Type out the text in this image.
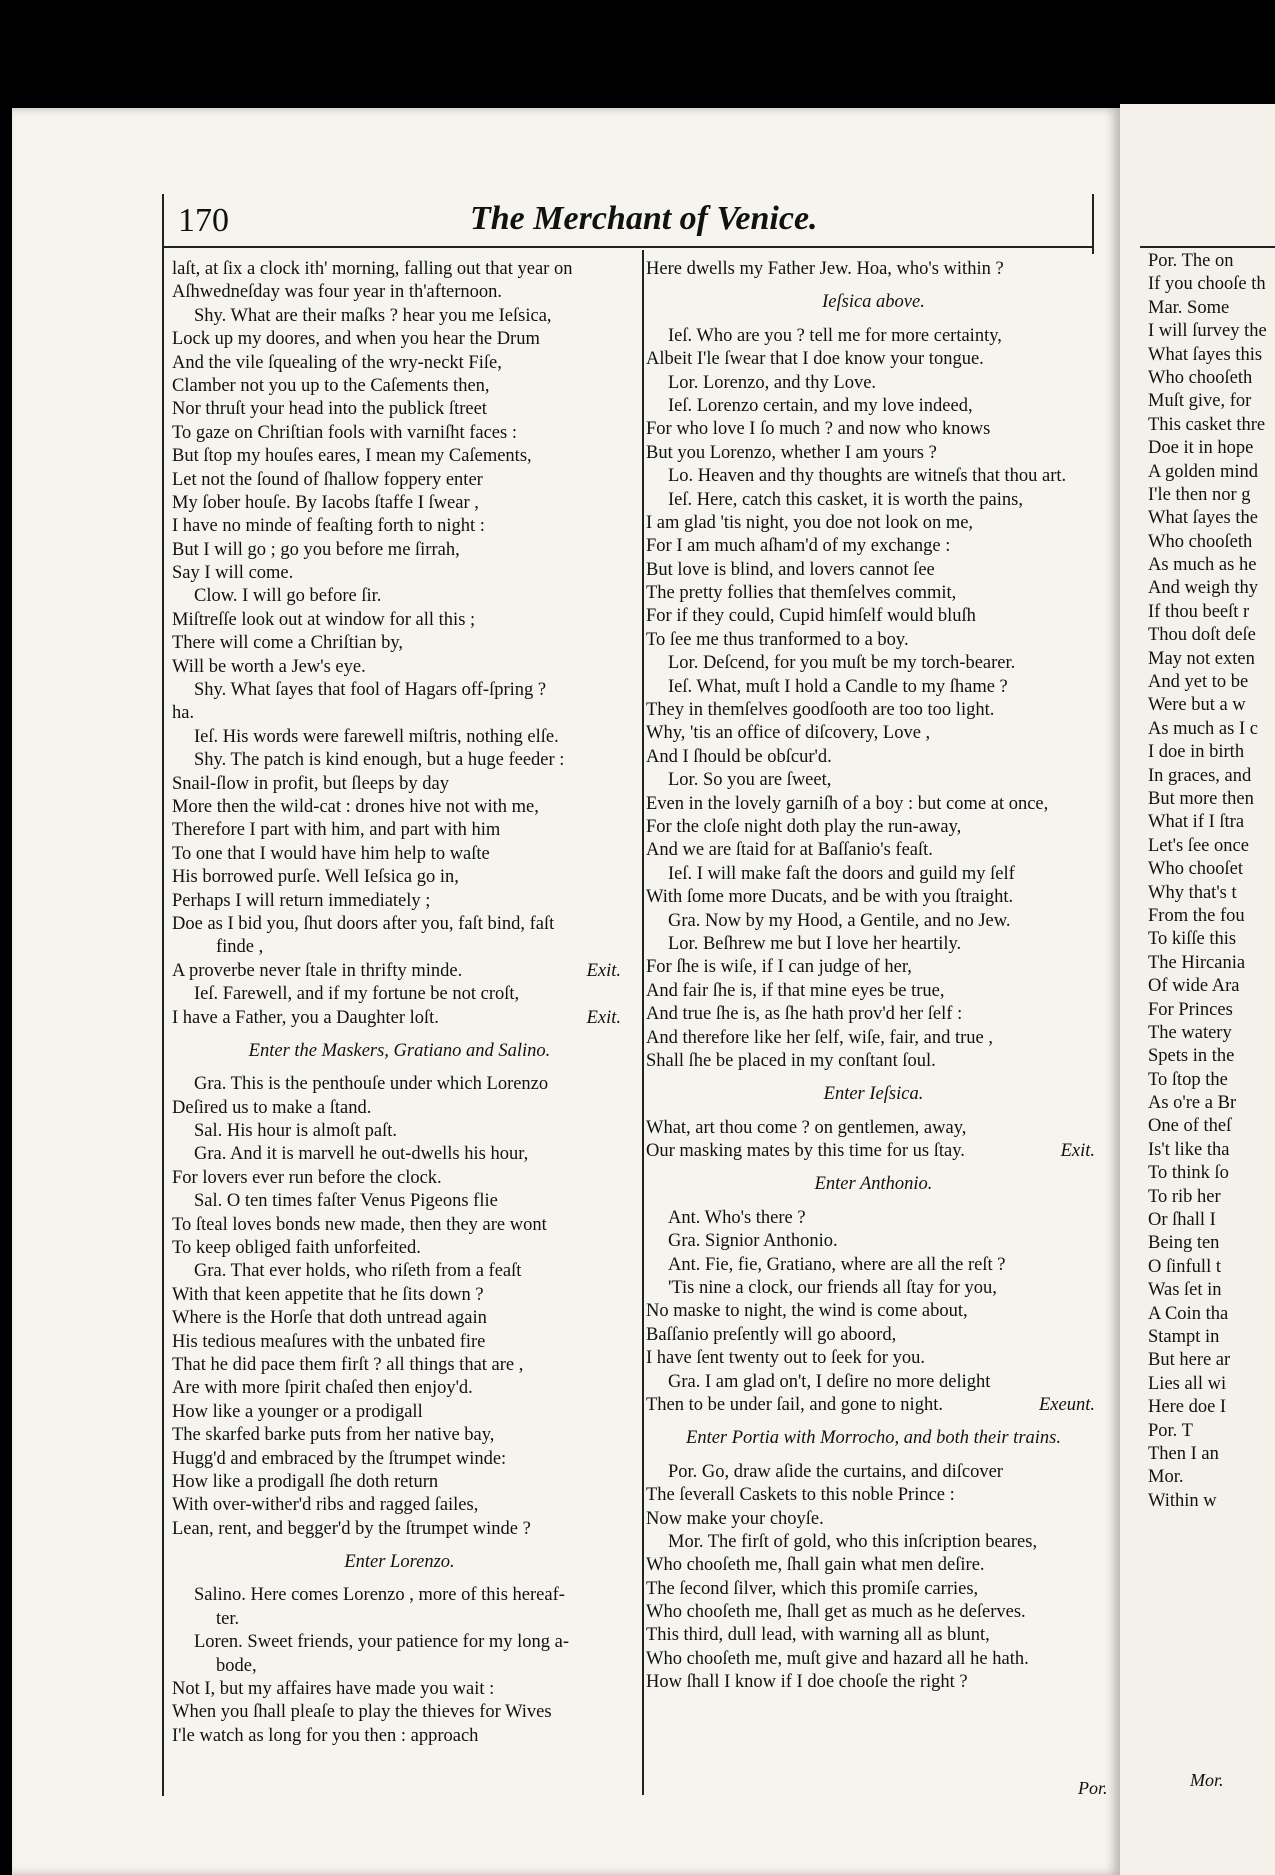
170	The Merchant of Venice.
laſt, at ſix a clock ith' morning, falling out that year on
Aſhwedneſday was four year in th'afternoon.
Shy. What are their maſks ? hear you me Ieſsica,
Lock up my doores, and when you hear the Drum
And the vile ſquealing of the wry-neckt Fiſe,
Clamber not you up to the Caſements then,
Nor thruſt your head into the publick ſtreet
To gaze on Chriſtian fools with varniſht faces :
But ſtop my houſes eares, I mean my Caſements,
Let not the ſound of ſhallow foppery enter
My ſober houſe. By Iacobs ſtaffe I ſwear ,
I have no minde of feaſting forth to night :
But I will go ; go you before me ſirrah,
Say I will come.
Clow. I will go before ſir.
Miſtreſſe look out at window for all this ;
There will come a Chriſtian by,
Will be worth a Jew's eye.
Shy. What ſayes that fool of Hagars off-ſpring ?
ha.
Ieſ. His words were farewell miſtris, nothing elſe.
Shy. The patch is kind enough, but a huge feeder :
Snail-ſlow in profit, but ſleeps by day
More then the wild-cat : drones hive not with me,
Therefore I part with him, and part with him
To one that I would have him help to waſte
His borrowed purſe. Well Ieſsica go in,
Perhaps I will return immediately ;
Doe as I bid you, ſhut doors after you, faſt bind, faſt
finde ,
A proverbe never ſtale in thrifty minde.	Exit.
Ieſ. Farewell, and if my fortune be not croſt,
I have a Father, you a Daughter loſt.	Exit.
Enter the Maskers, Gratiano and Salino.
Gra. This is the penthouſe under which Lorenzo
Deſired us to make a ſtand.
Sal. His hour is almoſt paſt.
Gra. And it is marvell he out-dwells his hour,
For lovers ever run before the clock.
Sal. O ten times faſter Venus Pigeons flie
To ſteal loves bonds new made, then they are wont
To keep obliged faith unforfeited.
Gra. That ever holds, who riſeth from a feaſt
With that keen appetite that he ſits down ?
Where is the Horſe that doth untread again
His tedious meaſures with the unbated fire
That he did pace them firſt ? all things that are ,
Are with more ſpirit chaſed then enjoy'd.
How like a younger or a prodigall
The skarfed barke puts from her native bay,
Hugg'd and embraced by the ſtrumpet winde:
How like a prodigall ſhe doth return
With over-wither'd ribs and ragged ſailes,
Lean, rent, and begger'd by the ſtrumpet winde ?
Enter Lorenzo.
Salino. Here comes Lorenzo , more of this hereaf-
ter.
Loren. Sweet friends, your patience for my long a-
bode,
Not I, but my affaires have made you wait :
When you ſhall pleaſe to play the thieves for Wives
I'le watch as long for you then : approach
Here dwells my Father Jew. Hoa, who's within ?
Ieſsica above.
Ieſ. Who are you ? tell me for more certainty,
Albeit I'le ſwear that I doe know your tongue.
Lor. Lorenzo, and thy Love.
Ieſ. Lorenzo certain, and my love indeed,
For who love I ſo much ? and now who knows
But you Lorenzo, whether I am yours ?
Lo. Heaven and thy thoughts are witneſs that thou art.
Ieſ. Here, catch this casket, it is worth the pains,
I am glad 'tis night, you doe not look on me,
For I am much aſham'd of my exchange :
But love is blind, and lovers cannot ſee
The pretty follies that themſelves commit,
For if they could, Cupid himſelf would bluſh
To ſee me thus tranformed to a boy.
Lor. Deſcend, for you muſt be my torch-bearer.
Ieſ. What, muſt I hold a Candle to my ſhame ?
They in themſelves goodſooth are too too light.
Why, 'tis an office of diſcovery, Love ,
And I ſhould be obſcur'd.
Lor. So you are ſweet,
Even in the lovely garniſh of a boy : but come at once,
For the cloſe night doth play the run-away,
And we are ſtaid for at Baſſanio's feaſt.
Ieſ. I will make faſt the doors and guild my ſelf
With ſome more Ducats, and be with you ſtraight.
Gra. Now by my Hood, a Gentile, and no Jew.
Lor. Beſhrew me but I love her heartily.
For ſhe is wiſe, if I can judge of her,
And fair ſhe is, if that mine eyes be true,
And true ſhe is, as ſhe hath prov'd her ſelf :
And therefore like her ſelf, wiſe, fair, and true ,
Shall ſhe be placed in my conſtant ſoul.
Enter Ieſsica.
What, art thou come ? on gentlemen, away,
Our masking mates by this time for us ſtay.	Exit.
Enter Anthonio.
Ant. Who's there ?
Gra. Signior Anthonio.
Ant. Fie, fie, Gratiano, where are all the reſt ?
'Tis nine a clock, our friends all ſtay for you,
No maske to night, the wind is come about,
Baſſanio preſently will go aboord,
I have ſent twenty out to ſeek for you.
Gra. I am glad on't, I deſire no more delight
Then to be under ſail, and gone to night.	Exeunt.
Enter Portia with Morrocho, and both their trains.
Por. Go, draw aſide the curtains, and diſcover
The ſeverall Caskets to this noble Prince :
Now make your choyſe.
Mor. The firſt of gold, who this inſcription beares,
Who chooſeth me, ſhall gain what men deſire.
The ſecond ſilver, which this promiſe carries,
Who chooſeth me, ſhall get as much as he deſerves.
This third, dull lead, with warning all as blunt,
Who chooſeth me, muſt give and hazard all he hath.
How ſhall I know if I doe chooſe the right ?
Por.
Por. The on
If you chooſe th
Mar. Some
I will ſurvey the
What ſayes this
Who chooſeth
Muſt give, for
This casket thre
Doe it in hope
A golden mind
I'le then nor g
What ſayes the
Who chooſeth
As much as he
And weigh thy
If thou beeſt r
Thou doſt deſe
May not exten
And yet to be
Were but a w
As much as I c
I doe in birth
In graces, and
But more then
What if I ſtra
Let's ſee once
Who chooſet
Why that's t
From the fou
To kiſſe this
The Hircania
Of wide Ara
For Princes
The watery
Spets in the
To ſtop the
As o're a Br
One of theſ
Is't like tha
To think ſo
To rib her
Or ſhall I
Being ten
O ſinfull t
Was ſet in
A Coin tha
Stampt in
But here ar
Lies all wi
Here doe I
Por. T
Then I an
Mor.
Within w
Mor.
